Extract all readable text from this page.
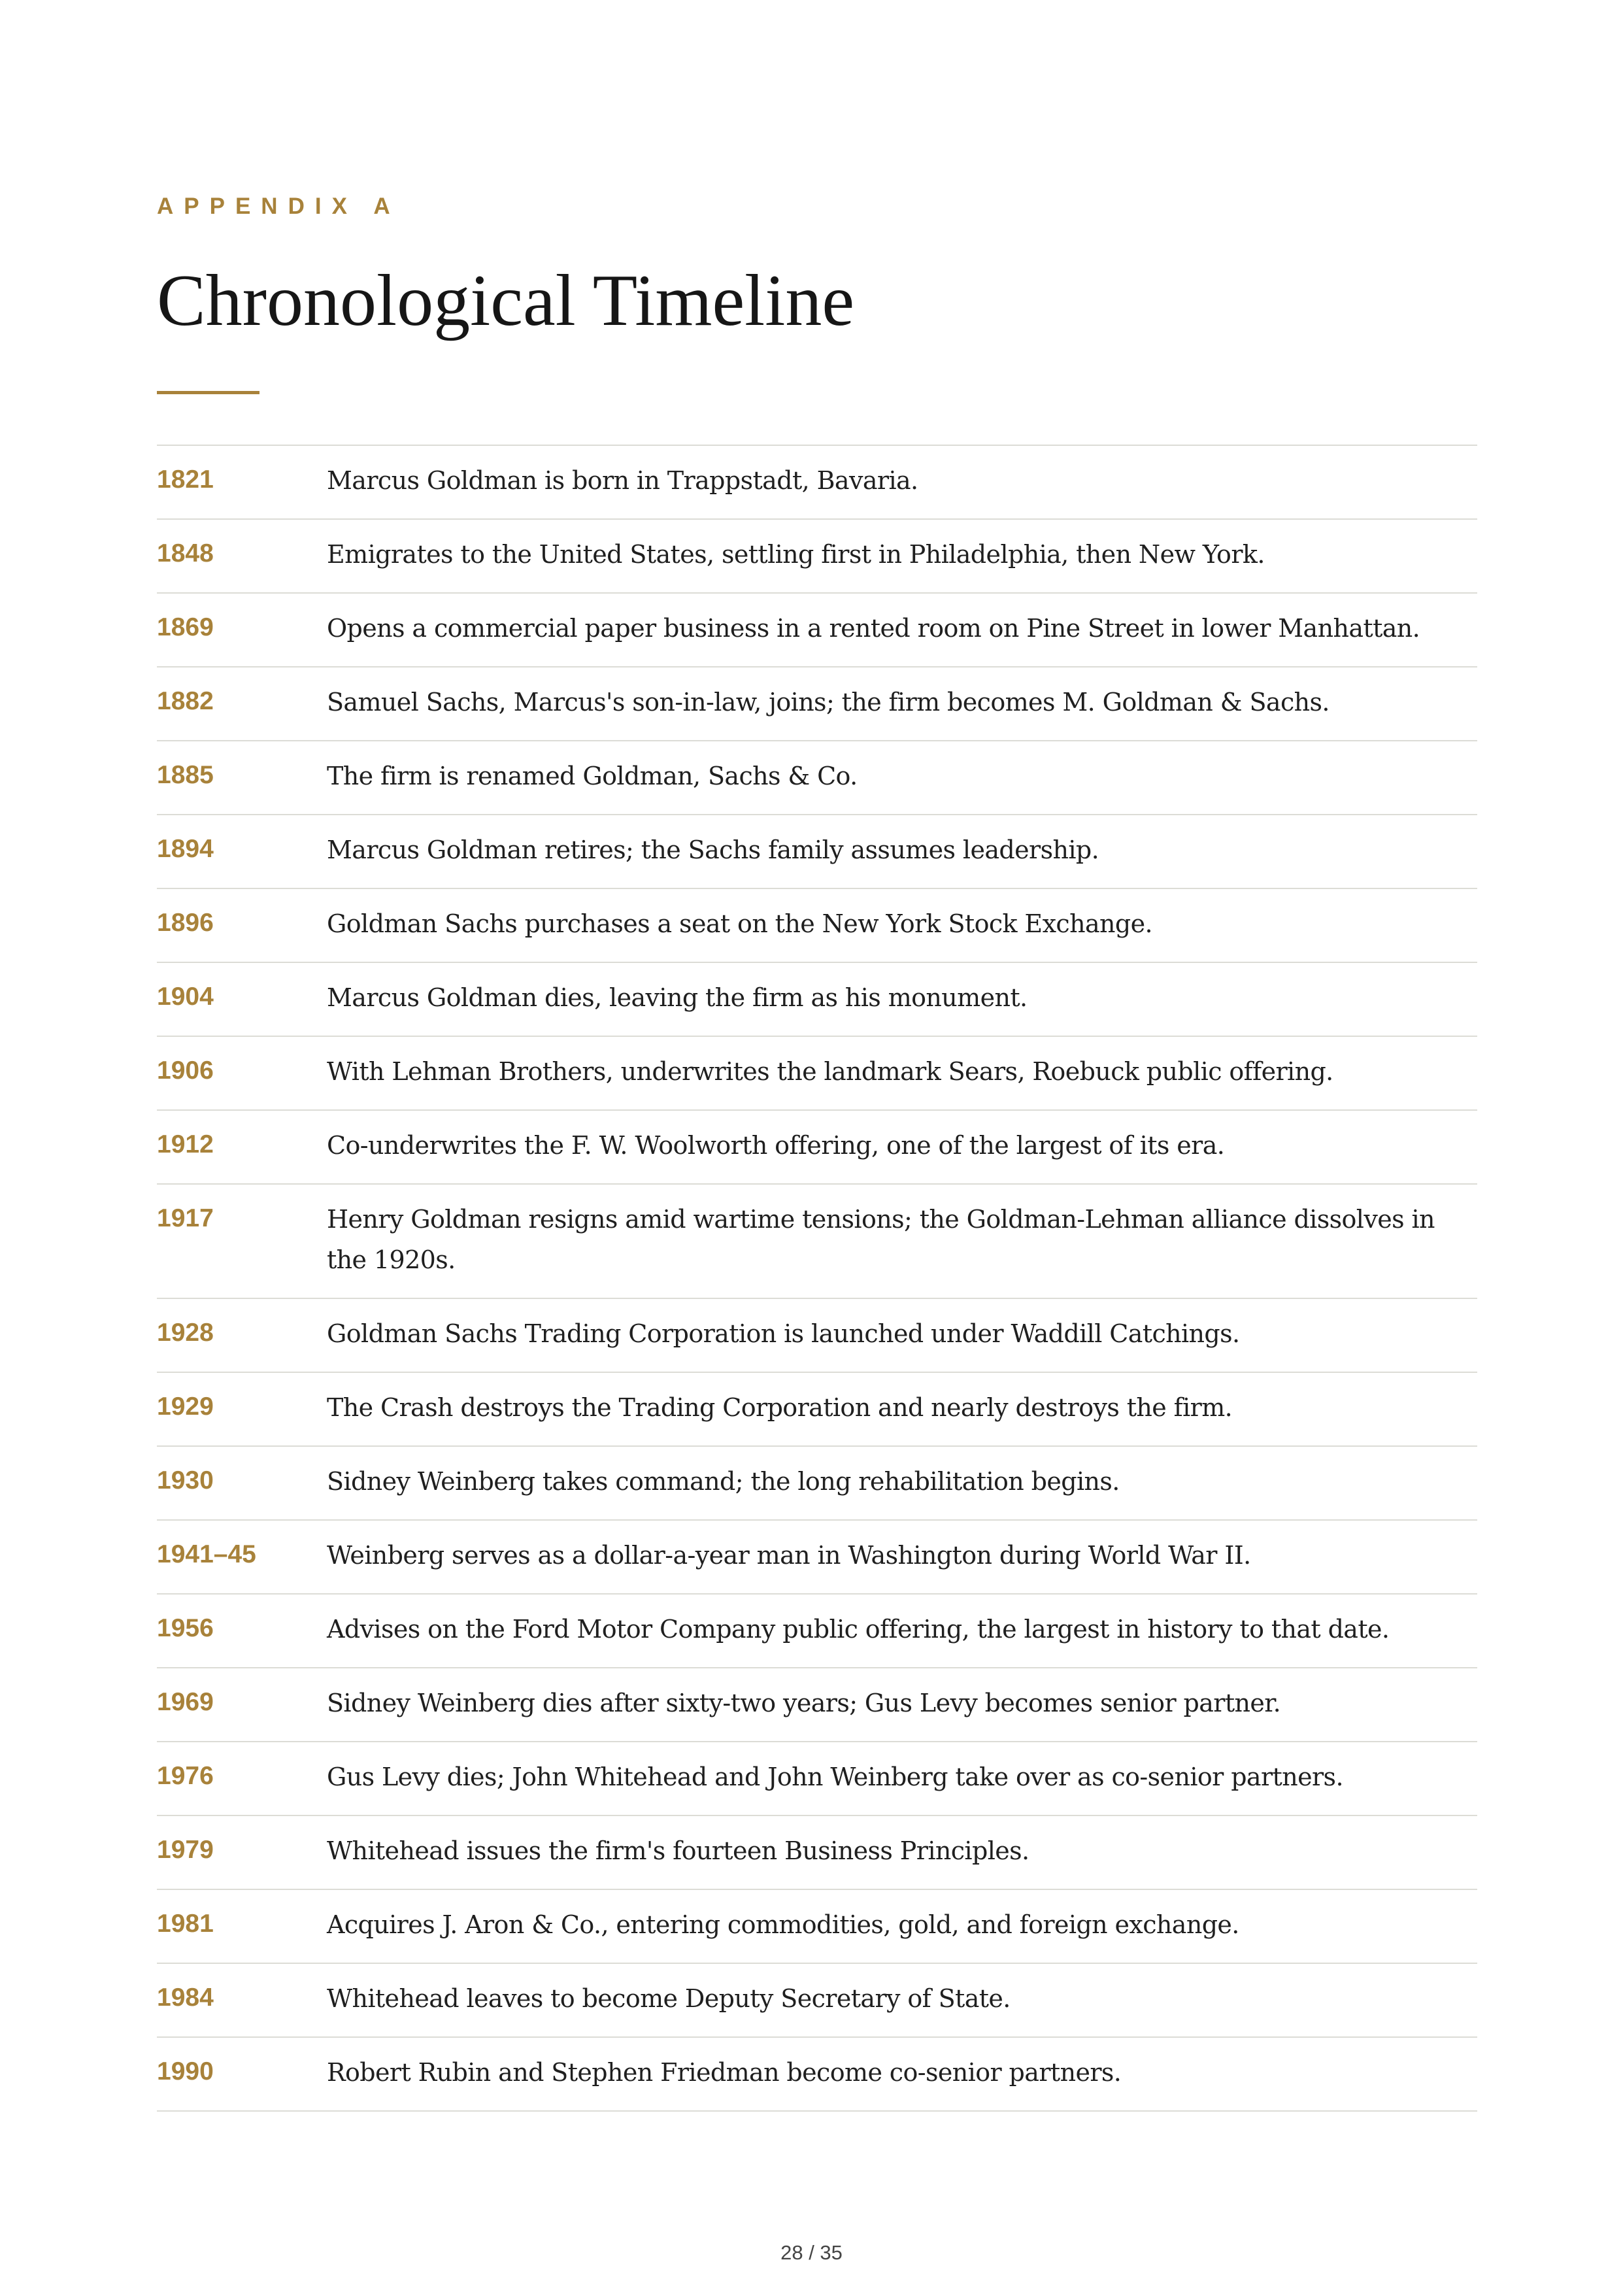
APPENDIX A
Chronological Timeline
1821	Marcus Goldman is born in Trappstadt, Bavaria.
1848	Emigrates to the United States, settling first in Philadelphia, then New York.
1869	Opens a commercial paper business in a rented room on Pine Street in lower Manhattan.
1882	Samuel Sachs, Marcus's son-in-law, joins; the firm becomes M. Goldman & Sachs.
1885	The firm is renamed Goldman, Sachs & Co.
1894	Marcus Goldman retires; the Sachs family assumes leadership.
1896	Goldman Sachs purchases a seat on the New York Stock Exchange.
1904	Marcus Goldman dies, leaving the firm as his monument.
1906	With Lehman Brothers, underwrites the landmark Sears, Roebuck public offering.
1912	Co-underwrites the F. W. Woolworth offering, one of the largest of its era.
1917	Henry Goldman resigns amid wartime tensions; the Goldman-Lehman alliance dissolves in the 1920s.
1928	Goldman Sachs Trading Corporation is launched under Waddill Catchings.
1929	The Crash destroys the Trading Corporation and nearly destroys the firm.
1930	Sidney Weinberg takes command; the long rehabilitation begins.
1941–45	Weinberg serves as a dollar-a-year man in Washington during World War II.
1956	Advises on the Ford Motor Company public offering, the largest in history to that date.
1969	Sidney Weinberg dies after sixty-two years; Gus Levy becomes senior partner.
1976	Gus Levy dies; John Whitehead and John Weinberg take over as co-senior partners.
1979	Whitehead issues the firm's fourteen Business Principles.
1981	Acquires J. Aron & Co., entering commodities, gold, and foreign exchange.
1984	Whitehead leaves to become Deputy Secretary of State.
1990	Robert Rubin and Stephen Friedman become co-senior partners.
28 / 35
